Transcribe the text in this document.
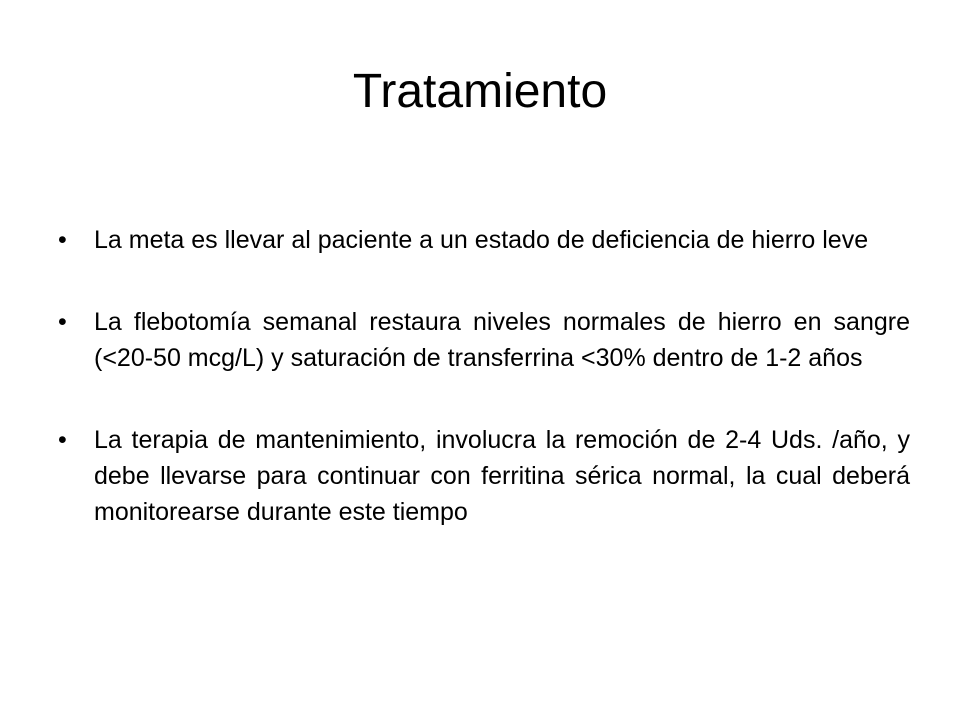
Tratamiento
• La meta es llevar al paciente a un estado de deficiencia de hierro leve
• La flebotomía semanal restaura niveles normales de hierro en sangre (<20-50 mcg/L) y saturación de transferrina <30% dentro de 1-2 años
• La terapia de mantenimiento, involucra la remoción de 2-4 Uds. /año, y debe llevarse para continuar con ferritina sérica normal, la cual deberá monitorearse durante este tiempo
